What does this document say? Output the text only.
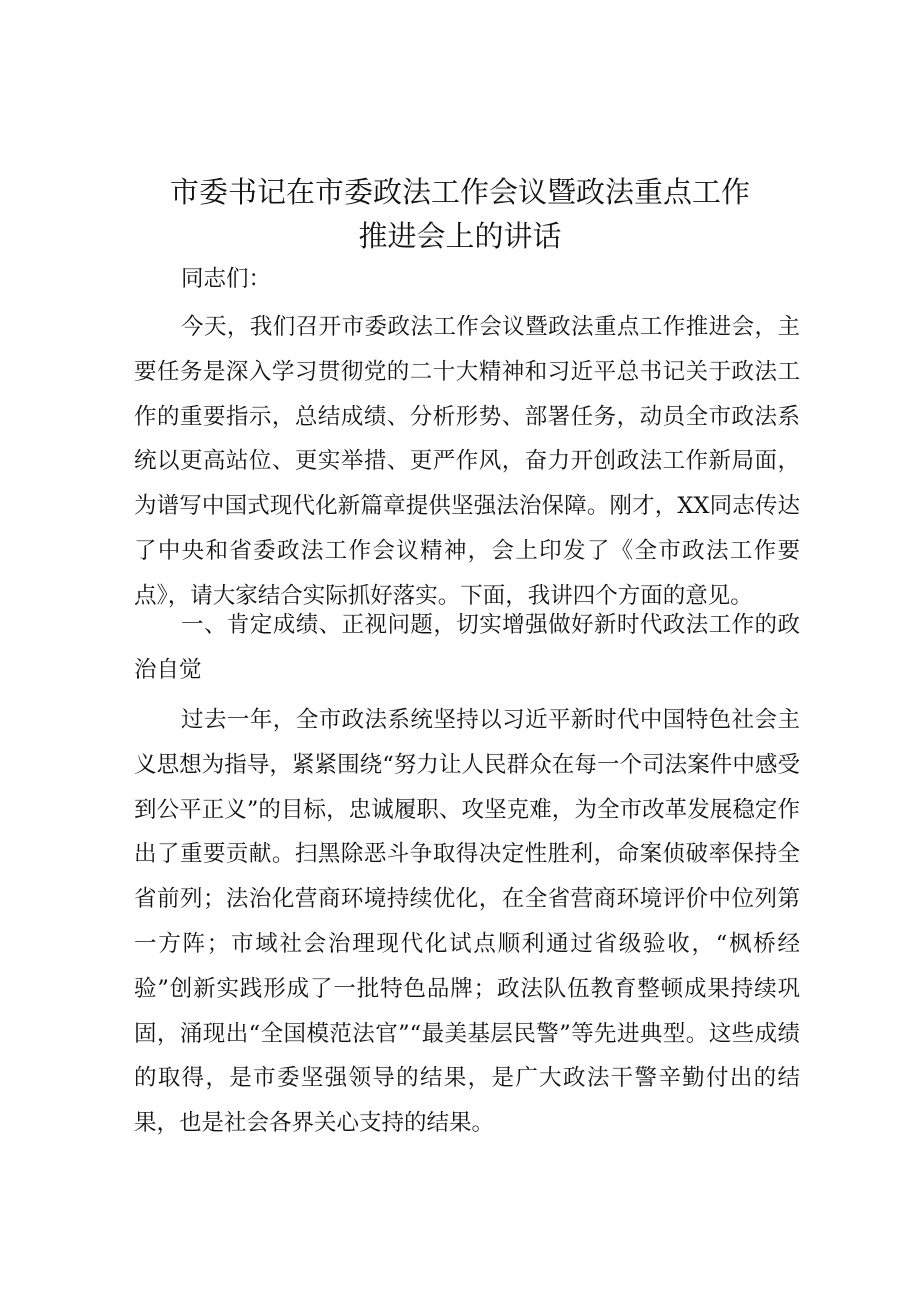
市委书记在市委政法工作会议暨政法重点工作
推进会上的讲话

同志们：

今天，我们召开市委政法工作会议暨政法重点工作推进会，主要任务是深入学习贯彻党的二十大精神和习近平总书记关于政法工作的重要指示，总结成绩、分析形势、部署任务，动员全市政法系统以更高站位、更实举措、更严作风，奋力开创政法工作新局面，为谱写中国式现代化新篇章提供坚强法治保障。刚才，XX同志传达了中央和省委政法工作会议精神，会上印发了《全市政法工作要点》，请大家结合实际抓好落实。下面，我讲四个方面的意见。

一、肯定成绩、正视问题，切实增强做好新时代政法工作的政治自觉

过去一年，全市政法系统坚持以习近平新时代中国特色社会主义思想为指导，紧紧围绕“努力让人民群众在每一个司法案件中感受到公平正义”的目标，忠诚履职、攻坚克难，为全市改革发展稳定作出了重要贡献。扫黑除恶斗争取得决定性胜利，命案侦破率保持全省前列；法治化营商环境持续优化，在全省营商环境评价中位列第一方阵；市域社会治理现代化试点顺利通过省级验收，“枫桥经验”创新实践形成了一批特色品牌；政法队伍教育整顿成果持续巩固，涌现出“全国模范法官”“最美基层民警”等先进典型。这些成绩的取得，是市委坚强领导的结果，是广大政法干警辛勤付出的结果，也是社会各界关心支持的结果。
